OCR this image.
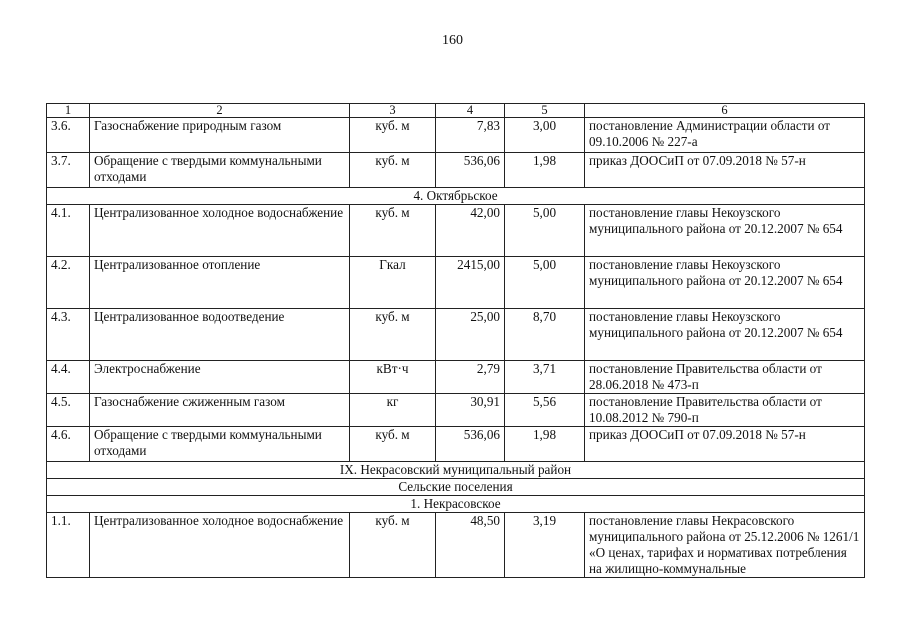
160
1	2	3	4	5	6
3.6.	Газоснабжение природным газом	куб. м	7,83	3,00	постановление Администрации области от 09.10.2006 № 227-а
3.7.	Обращение с твердыми коммунальными отходами	куб. м	536,06	1,98	приказ ДООСиП от 07.09.2018 № 57-н
4. Октябрьское					
4.1.	Централизованное холодное водоснабжение	куб. м	42,00	5,00	постановление главы Некоузского муниципального района от 20.12.2007 № 654
4.2.	Централизованное отопление	Гкал	2415,00	5,00	постановление главы Некоузского муниципального района от 20.12.2007 № 654
4.3.	Централизованное водоотведение	куб. м	25,00	8,70	постановление главы Некоузского муниципального района от 20.12.2007 № 654
4.4.	Электроснабжение	кВт·ч	2,79	3,71	постановление Правительства области от 28.06.2018 № 473-п
4.5.	Газоснабжение сжиженным газом	кг	30,91	5,56	постановление Правительства области от 10.08.2012 № 790-п
4.6.	Обращение с твердыми коммунальными отходами	куб. м	536,06	1,98	приказ ДООСиП от 07.09.2018 № 57-н
IX. Некрасовский муниципальный район					
Сельские поселения					
1. Некрасовское					
1.1.	Централизованное холодное водоснабжение	куб. м	48,50	3,19	постановление главы Некрасовского муниципального района от 25.12.2006 № 1261/1 «О ценах, тарифах и нормативах потребления на жилищно-коммунальные
